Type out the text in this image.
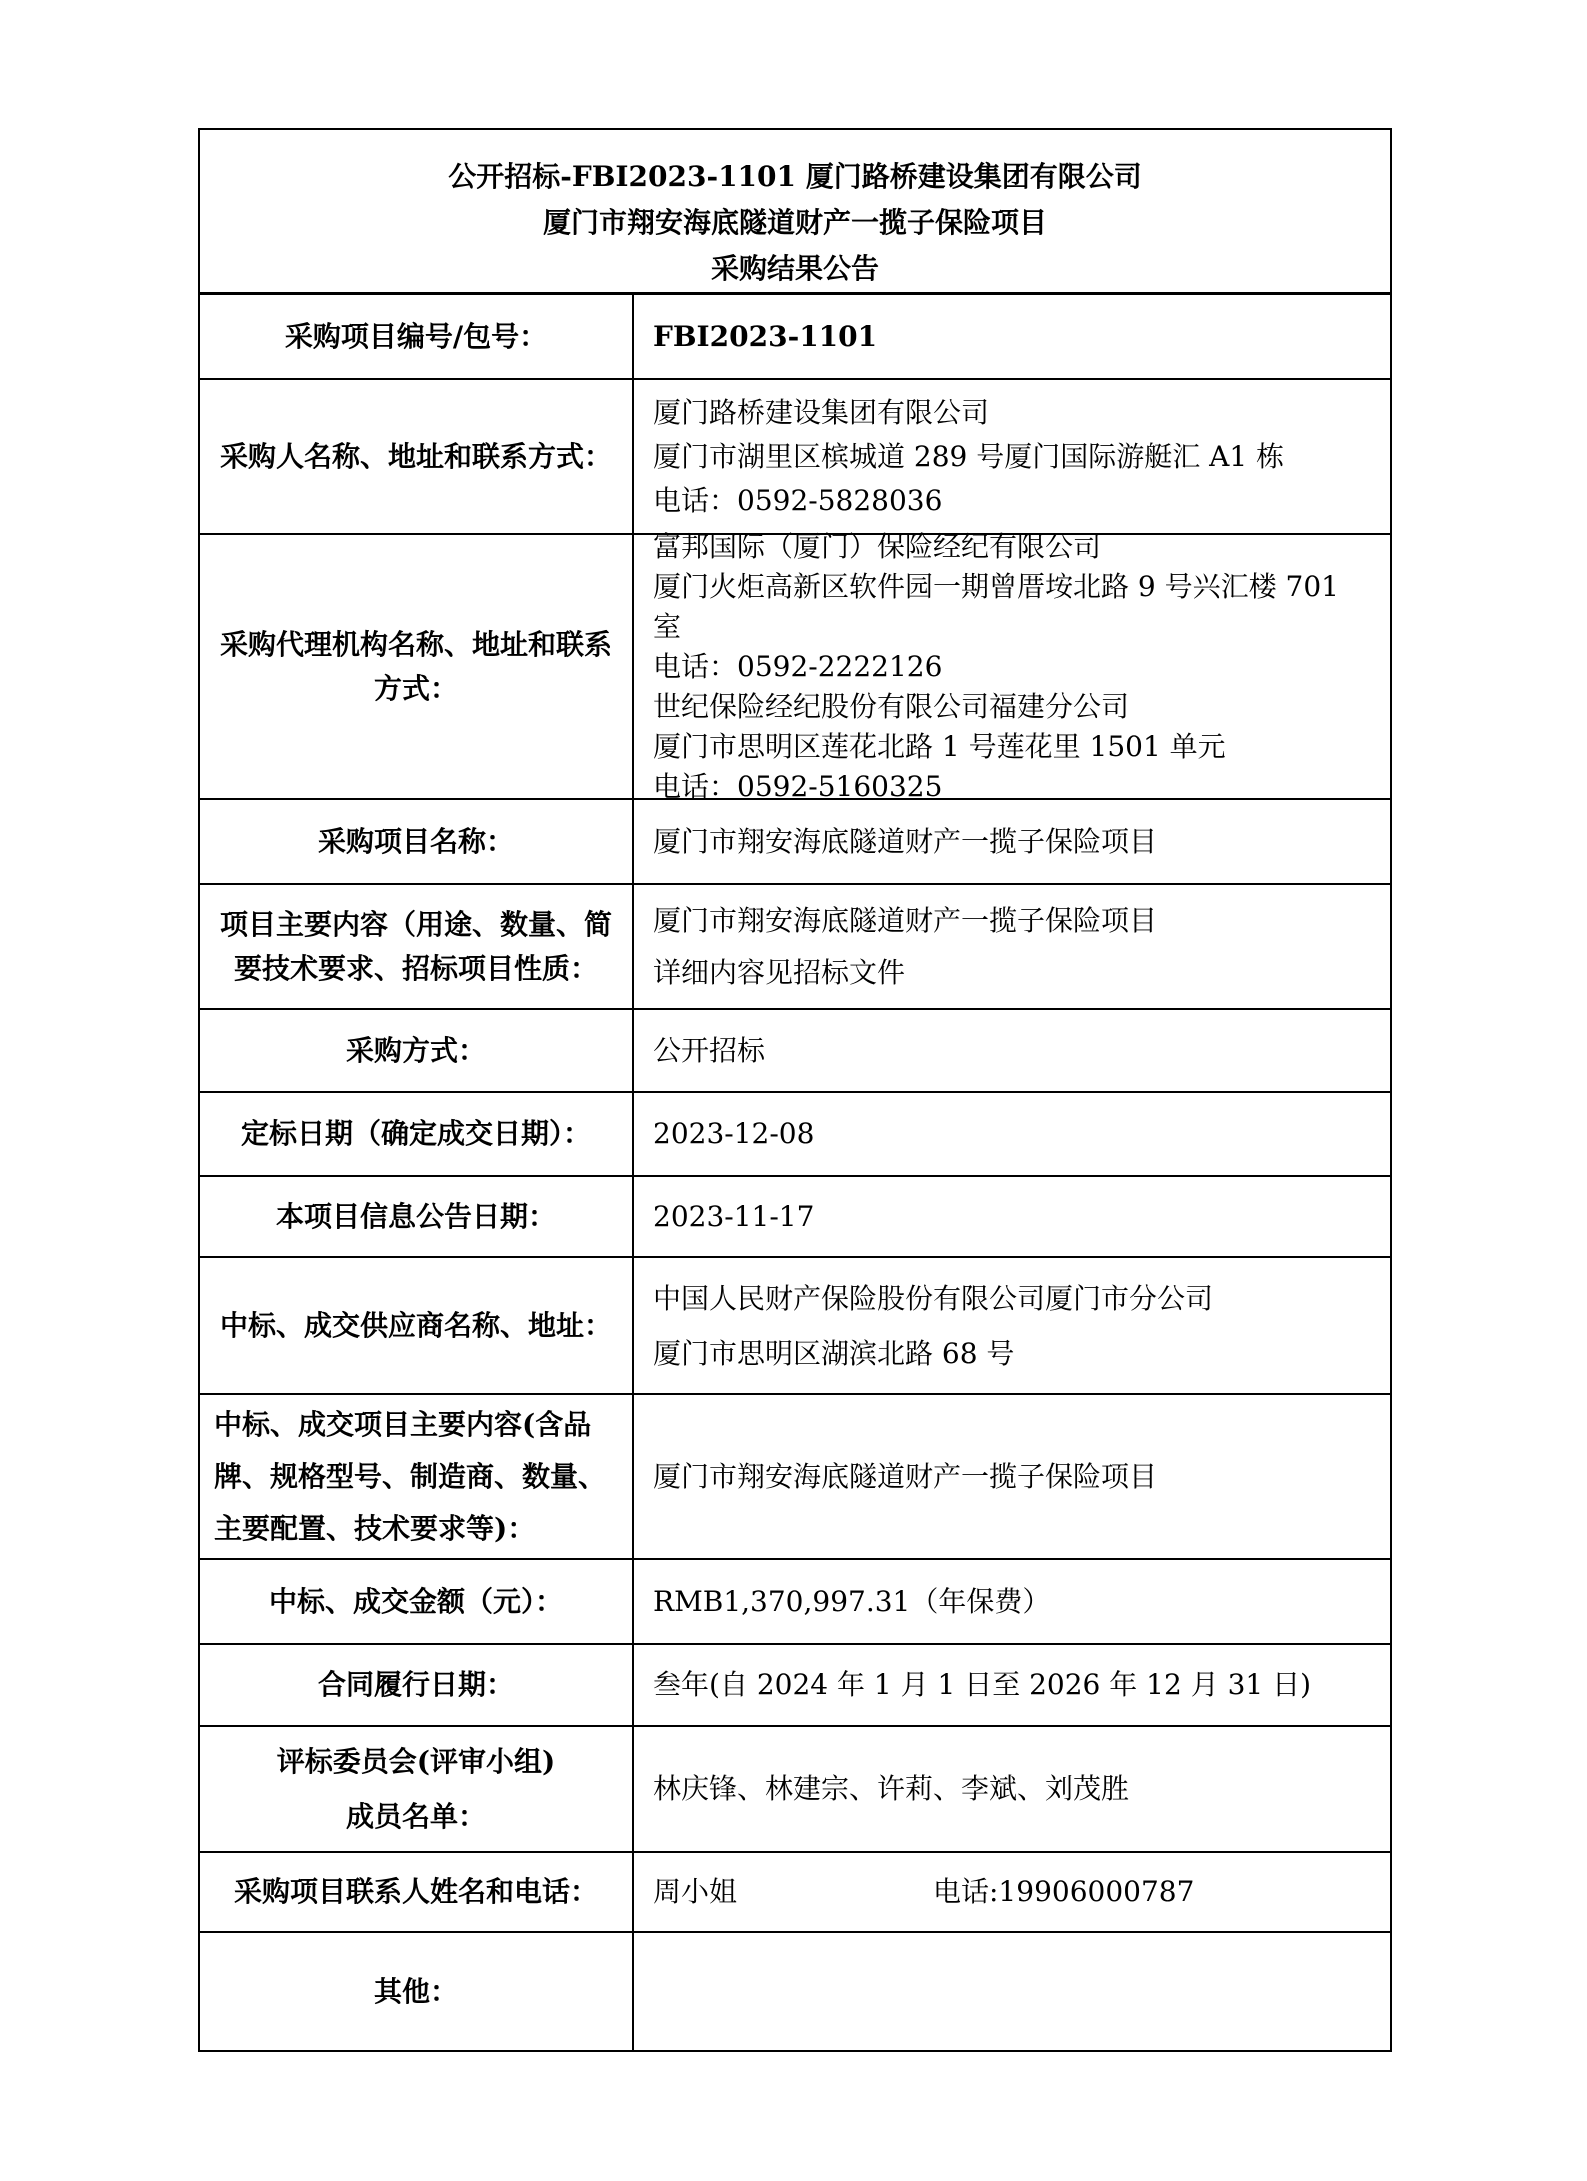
公开招标-FBI2023-1101 厦门路桥建设集团有限公司
厦门市翔安海底隧道财产一揽子保险项目
采购结果公告
采购项目编号/包号：	FBI2023-1101
采购人名称、地址和联系方式：
厦门路桥建设集团有限公司
厦门市湖里区槟城道 289 号厦门国际游艇汇 A1 栋
电话：0592-5828036
采购代理机构名称、地址和联系方式：
富邦国际（厦门）保险经纪有限公司
厦门火炬高新区软件园一期曾厝垵北路 9 号兴汇楼 701 室
电话：0592-2222126
世纪保险经纪股份有限公司福建分公司
厦门市思明区莲花北路 1 号莲花里 1501 单元
电话：0592-5160325
采购项目名称：	厦门市翔安海底隧道财产一揽子保险项目
项目主要内容（用途、数量、简要技术要求、招标项目性质：
厦门市翔安海底隧道财产一揽子保险项目
详细内容见招标文件
采购方式：	公开招标
定标日期（确定成交日期）：	2023-12-08
本项目信息公告日期：	2023-11-17
中标、成交供应商名称、地址：
中国人民财产保险股份有限公司厦门市分公司
厦门市思明区湖滨北路 68 号
中标、成交项目主要内容(含品牌、规格型号、制造商、数量、主要配置、技术要求等)：
厦门市翔安海底隧道财产一揽子保险项目
中标、成交金额（元）：	RMB1,370,997.31（年保费）
合同履行日期：	叁年(自 2024 年 1 月 1 日至 2026 年 12 月 31 日)
评标委员会(评审小组)
成员名单：
林庆锋、林建宗、许莉、李斌、刘茂胜
采购项目联系人姓名和电话：	周小姐	电话:19906000787
其他：
